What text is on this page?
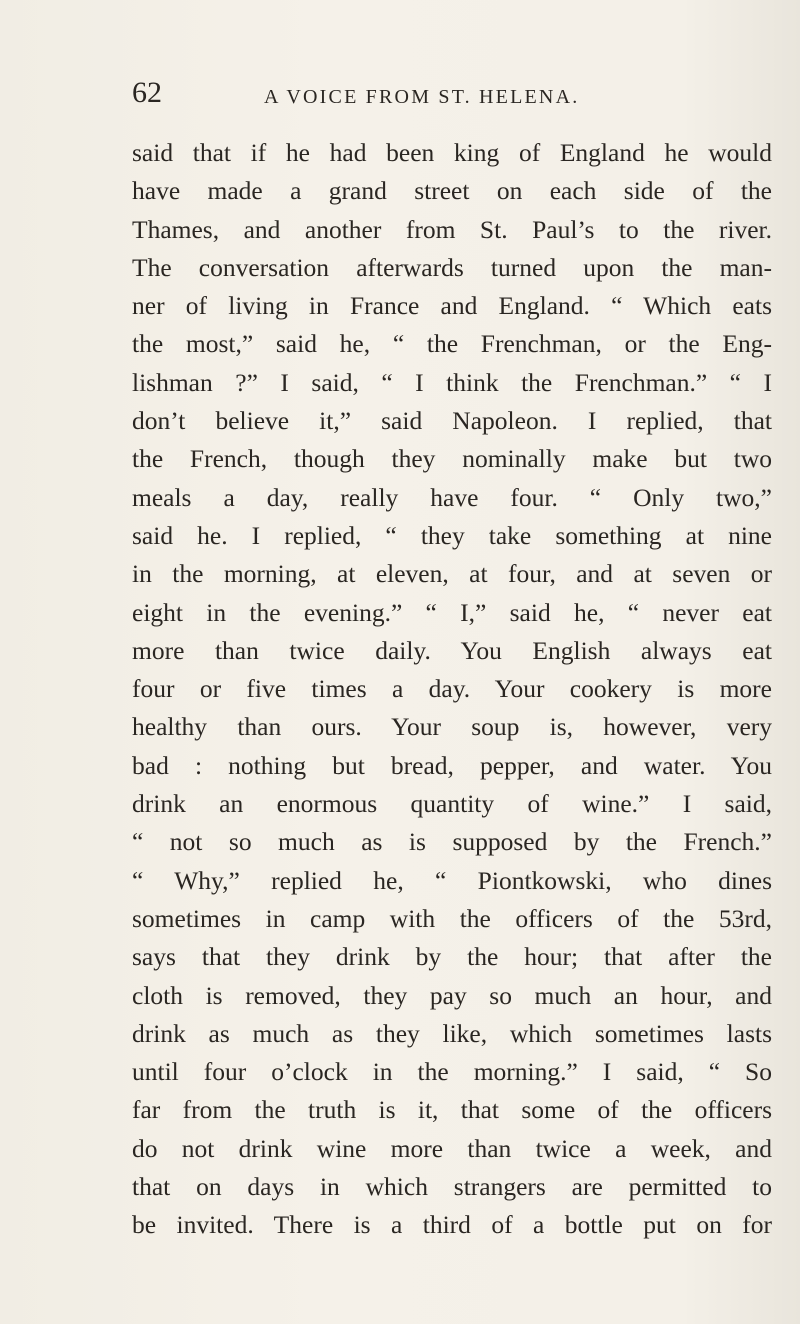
62	A VOICE FROM ST. HELENA.
said that if he had been king of England he would
have made a grand street on each side of the
Thames, and another from St. Paul’s to the river.
The conversation afterwards turned upon the man-
ner of living in France and England. “ Which eats
the most,” said he, “ the Frenchman, or the Eng-
lishman ?” I said, “ I think the Frenchman.” “ I
don’t believe it,” said Napoleon. I replied, that
the French, though they nominally make but two
meals a day, really have four. “ Only two,”
said he. I replied, “ they take something at nine
in the morning, at eleven, at four, and at seven or
eight in the evening.” “ I,” said he, “ never eat
more than twice daily. You English always eat
four or five times a day. Your cookery is more
healthy than ours. Your soup is, however, very
bad : nothing but bread, pepper, and water. You
drink an enormous quantity of wine.” I said,
“ not so much as is supposed by the French.”
“ Why,” replied he, “ Piontkowski, who dines
sometimes in camp with the officers of the 53rd,
says that they drink by the hour; that after the
cloth is removed, they pay so much an hour, and
drink as much as they like, which sometimes lasts
until four o’clock in the morning.” I said, “ So
far from the truth is it, that some of the officers
do not drink wine more than twice a week, and
that on days in which strangers are permitted to
be invited. There is a third of a bottle put on for
